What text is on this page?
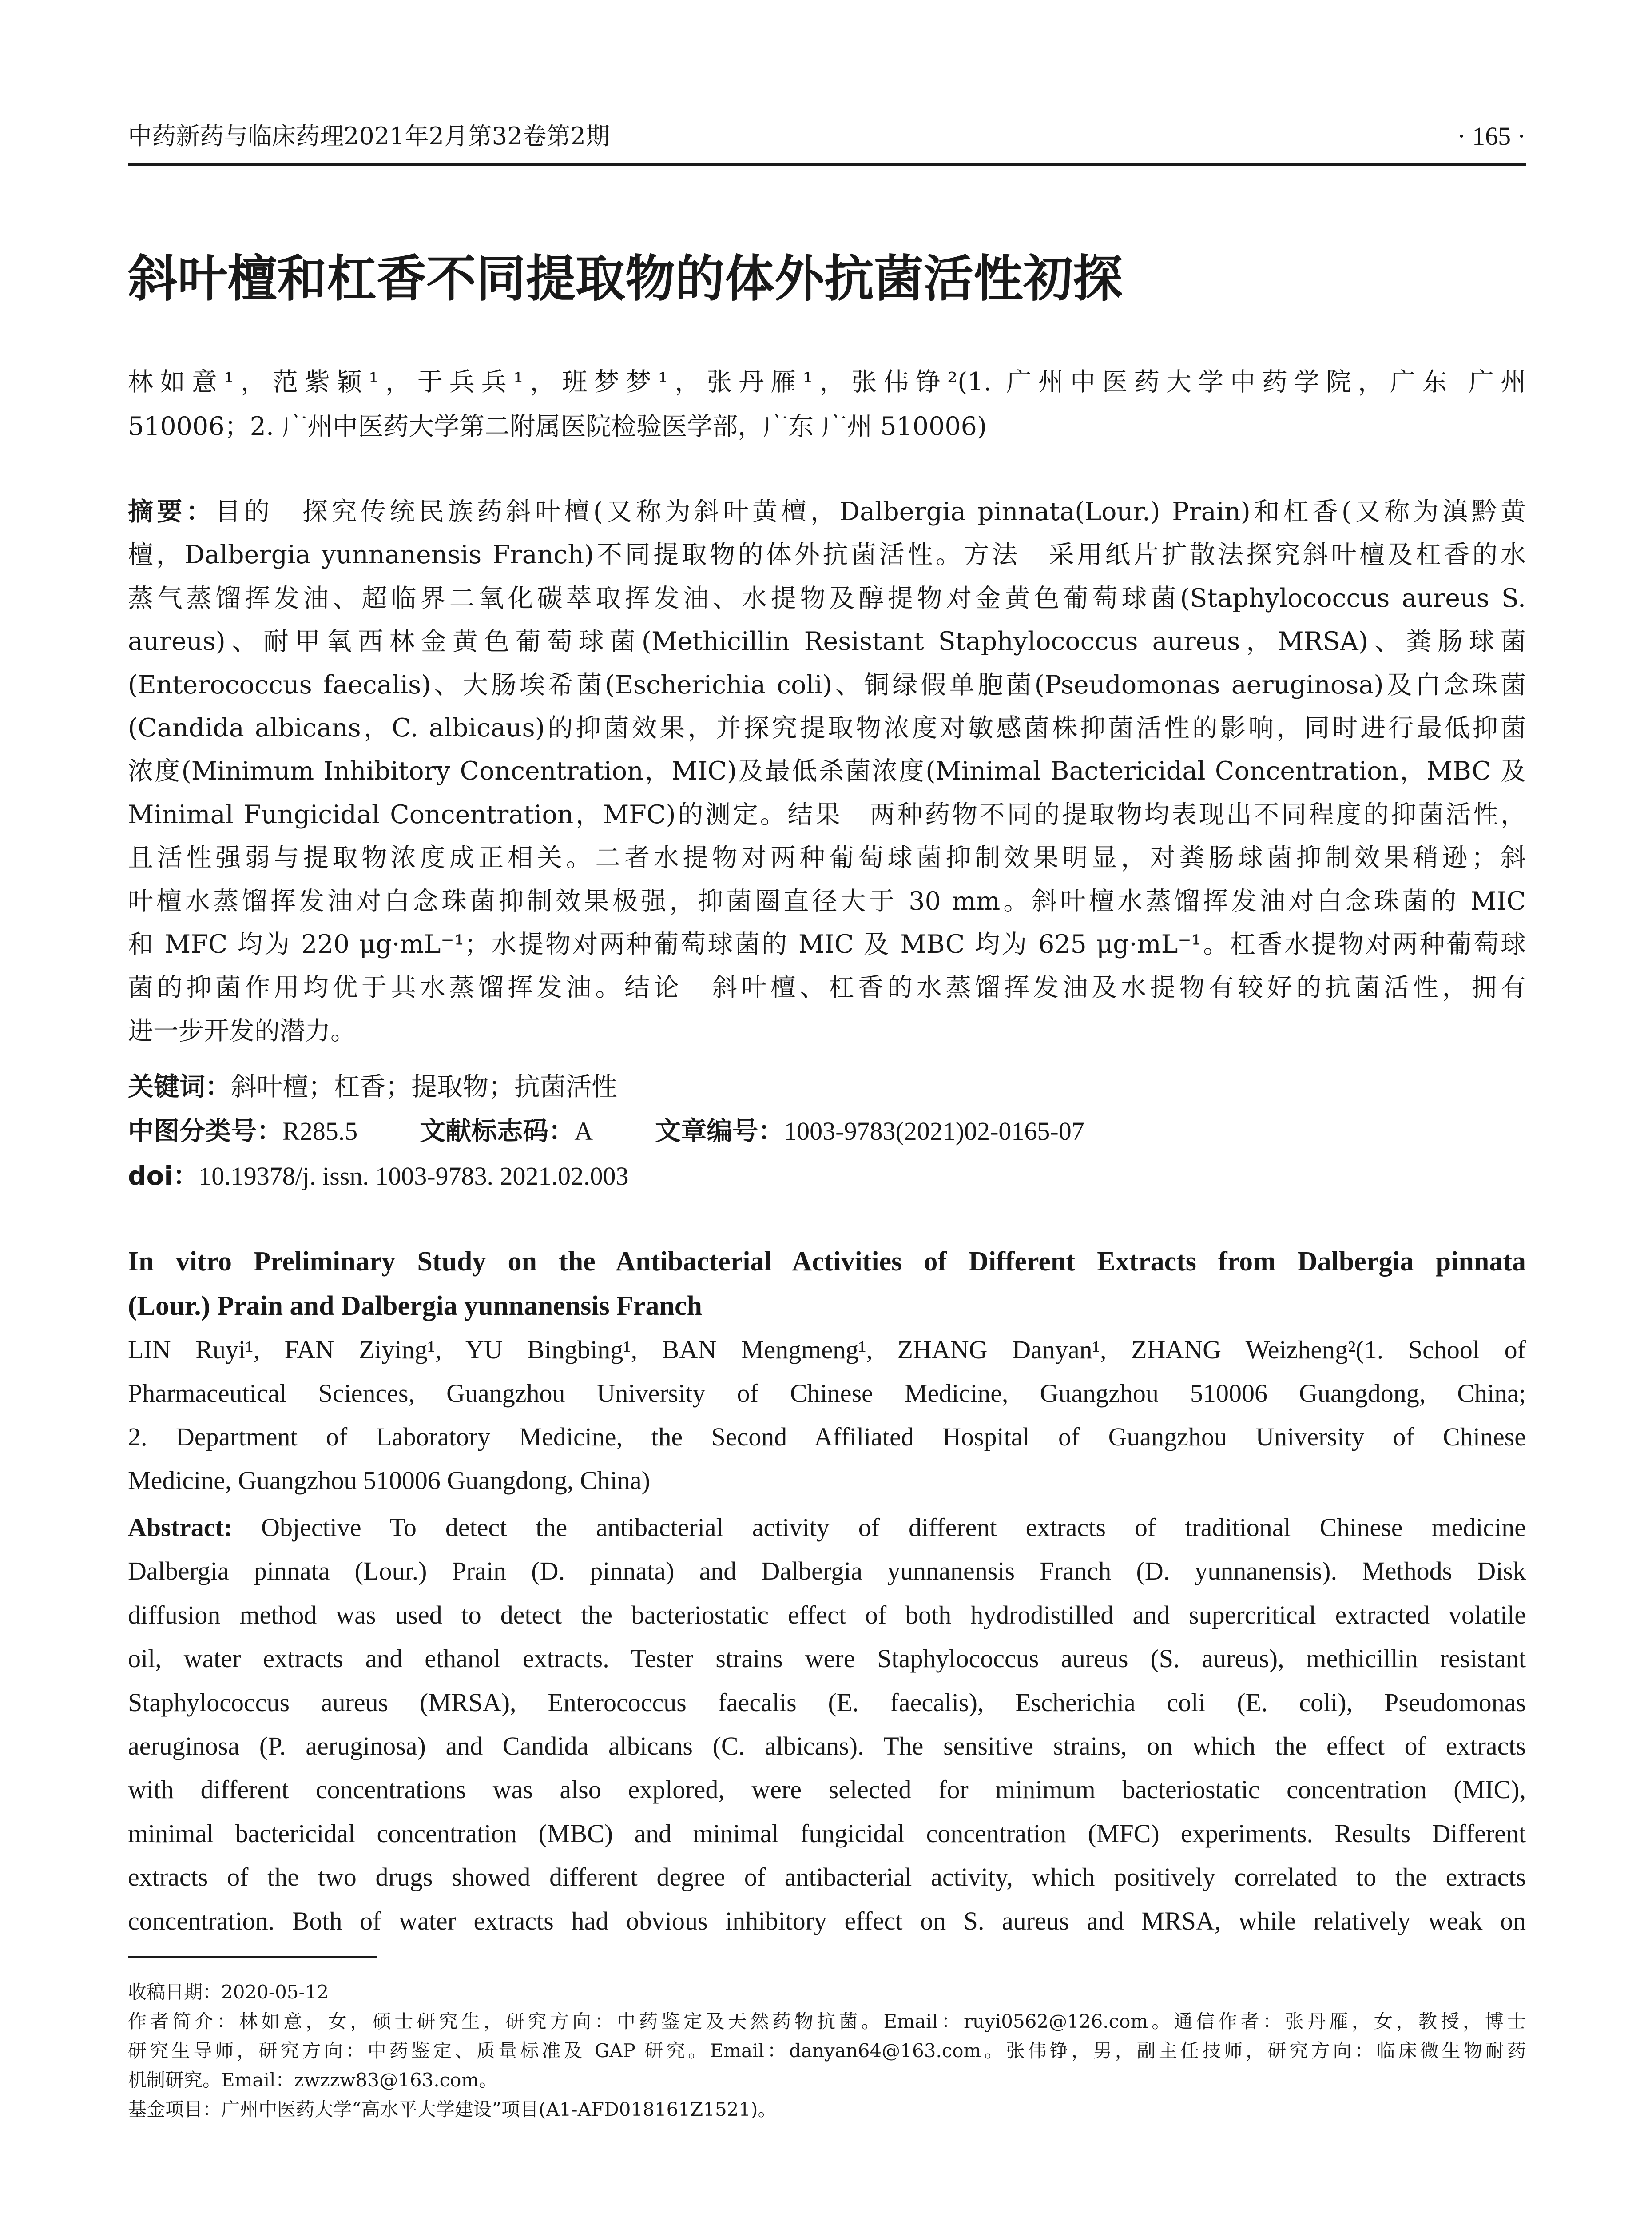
中药新药与临床药理2021年2月第32卷第2期	· 165 ·
斜叶檀和杠香不同提取物的体外抗菌活性初探
林如意¹，范紫颖¹，于兵兵¹，班梦梦¹，张丹雁¹，张伟铮²(1. 广州中医药大学中药学院，广东 广州
510006；2. 广州中医药大学第二附属医院检验医学部，广东 广州 510006)
摘要：目的　探究传统民族药斜叶檀(又称为斜叶黄檀，Dalbergia pinnata(Lour.) Prain)和杠香(又称为滇黔黄
檀，Dalbergia yunnanensis Franch)不同提取物的体外抗菌活性。方法　采用纸片扩散法探究斜叶檀及杠香的水
蒸气蒸馏挥发油、超临界二氧化碳萃取挥发油、水提物及醇提物对金黄色葡萄球菌(Staphylococcus aureus S.
aureus)、耐甲氧西林金黄色葡萄球菌(Methicillin Resistant Staphylococcus aureus，MRSA)、粪肠球菌
(Enterococcus faecalis)、大肠埃希菌(Escherichia coli)、铜绿假单胞菌(Pseudomonas aeruginosa)及白念珠菌
(Candida albicans，C. albicaus)的抑菌效果，并探究提取物浓度对敏感菌株抑菌活性的影响，同时进行最低抑菌
浓度(Minimum Inhibitory Concentration，MIC)及最低杀菌浓度(Minimal Bactericidal Concentration，MBC 及
Minimal Fungicidal Concentration，MFC)的测定。结果　两种药物不同的提取物均表现出不同程度的抑菌活性，
且活性强弱与提取物浓度成正相关。二者水提物对两种葡萄球菌抑制效果明显，对粪肠球菌抑制效果稍逊；斜
叶檀水蒸馏挥发油对白念珠菌抑制效果极强，抑菌圈直径大于 30 mm。斜叶檀水蒸馏挥发油对白念珠菌的 MIC
和 MFC 均为 220 μg·mL⁻¹；水提物对两种葡萄球菌的 MIC 及 MBC 均为 625 μg·mL⁻¹。杠香水提物对两种葡萄球
菌的抑菌作用均优于其水蒸馏挥发油。结论　斜叶檀、杠香的水蒸馏挥发油及水提物有较好的抗菌活性，拥有
进一步开发的潜力。
关键词：斜叶檀；杠香；提取物；抗菌活性
中图分类号：R285.5 文献标志码：A 文章编号：1003-9783(2021)02-0165-07
doi：10.19378/j. issn. 1003-9783. 2021.02.003
In vitro Preliminary Study on the Antibacterial Activities of Different Extracts from Dalbergia pinnata
(Lour.) Prain and Dalbergia yunnanensis Franch
LIN Ruyi¹, FAN Ziying¹, YU Bingbing¹, BAN Mengmeng¹, ZHANG Danyan¹, ZHANG Weizheng²(1. School of
Pharmaceutical Sciences, Guangzhou University of Chinese Medicine, Guangzhou 510006 Guangdong, China;
2. Department of Laboratory Medicine, the Second Affiliated Hospital of Guangzhou University of Chinese
Medicine, Guangzhou 510006 Guangdong, China)
Abstract: Objective To detect the antibacterial activity of different extracts of traditional Chinese medicine
Dalbergia pinnata (Lour.) Prain (D. pinnata) and Dalbergia yunnanensis Franch (D. yunnanensis). Methods Disk
diffusion method was used to detect the bacteriostatic effect of both hydrodistilled and supercritical extracted volatile
oil, water extracts and ethanol extracts. Tester strains were Staphylococcus aureus (S. aureus), methicillin resistant
Staphylococcus aureus (MRSA), Enterococcus faecalis (E. faecalis), Escherichia coli (E. coli), Pseudomonas
aeruginosa (P. aeruginosa) and Candida albicans (C. albicans). The sensitive strains, on which the effect of extracts
with different concentrations was also explored, were selected for minimum bacteriostatic concentration (MIC),
minimal bactericidal concentration (MBC) and minimal fungicidal concentration (MFC) experiments. Results Different
extracts of the two drugs showed different degree of antibacterial activity, which positively correlated to the extracts
concentration. Both of water extracts had obvious inhibitory effect on S. aureus and MRSA, while relatively weak on
收稿日期：2020-05-12
作者简介：林如意，女，硕士研究生，研究方向：中药鉴定及天然药物抗菌。Email：ruyi0562@126.com。通信作者：张丹雁，女，教授，博士
研究生导师，研究方向：中药鉴定、质量标准及 GAP 研究。Email：danyan64@163.com。张伟铮，男，副主任技师，研究方向：临床微生物耐药
机制研究。Email：zwzzw83@163.com。
基金项目：广州中医药大学“高水平大学建设”项目(A1-AFD018161Z1521)。
